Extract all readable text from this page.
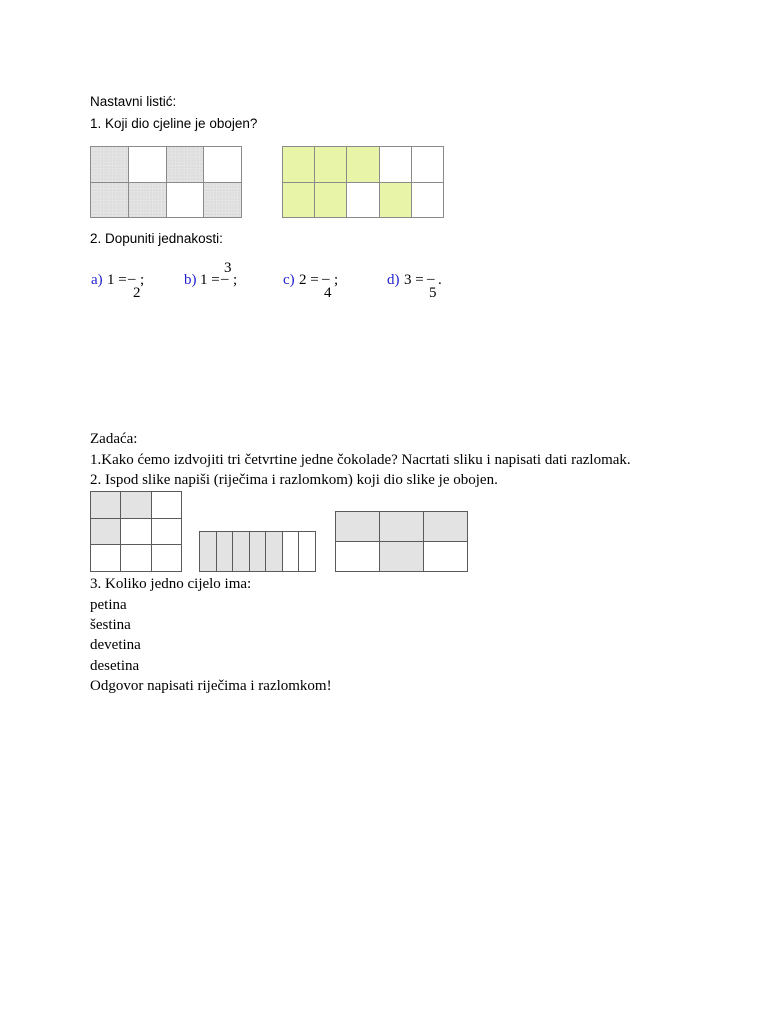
Nastavni listić:
1. Koji dio cjeline je obojen?

2. Dopuniti jednakosti:
a) 1 = –
2
;	b) 1 =
3
– ;	c) 2 = –
4
;	d) 3 = –
5
.
Zadaća:
1.Kako ćemo izdvojiti tri četvrtine jedne čokolade? Nacrtati sliku i napisati dati razlomak.
2. Ispod slike napiši (riječima i razlomkom) koji dio slike je obojen.

3. Koliko jedno cijelo ima:
petina
šestina
devetina
desetina
Odgovor napisati riječima i razlomkom!
